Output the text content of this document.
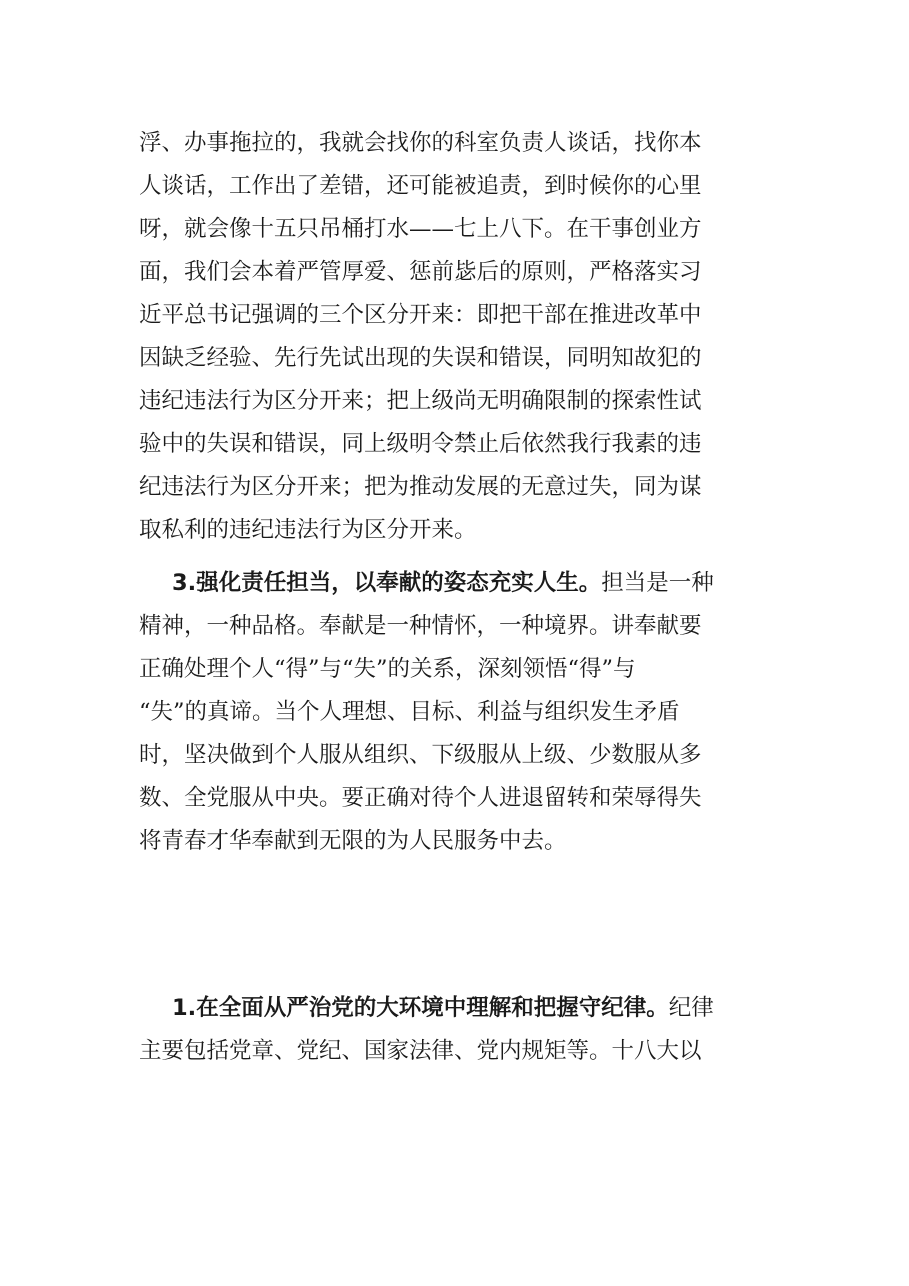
浮、办事拖拉的，我就会找你的科室负责人谈话，找你本
人谈话，工作出了差错，还可能被追责，到时候你的心里
呀，就会像十五只吊桶打水——七上八下。在干事创业方
面，我们会本着严管厚爱、惩前毖后的原则，严格落实习
近平总书记强调的三个区分开来：即把干部在推进改革中
因缺乏经验、先行先试出现的失误和错误，同明知故犯的
违纪违法行为区分开来；把上级尚无明确限制的探索性试
验中的失误和错误，同上级明令禁止后依然我行我素的违
纪违法行为区分开来；把为推动发展的无意过失，同为谋
取私利的违纪违法行为区分开来。
3.强化责任担当，以奉献的姿态充实人生。担当是一种
精神，一种品格。奉献是一种情怀，一种境界。讲奉献要
正确处理个人“得”与“失”的关系，深刻领悟“得”与
“失”的真谛。当个人理想、目标、利益与组织发生矛盾
时，坚决做到个人服从组织、下级服从上级、少数服从多
数、全党服从中央。要正确对待个人进退留转和荣辱得失
将青春才华奉献到无限的为人民服务中去。
1.在全面从严治党的大环境中理解和把握守纪律。纪律
主要包括党章、党纪、国家法律、党内规矩等。十八大以
